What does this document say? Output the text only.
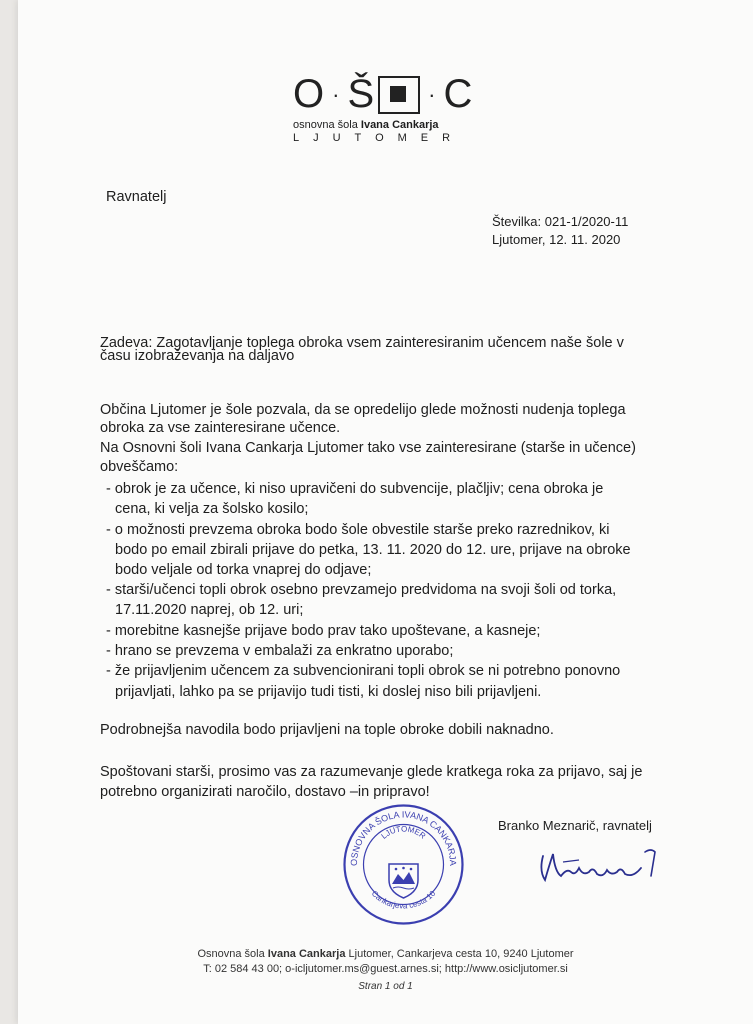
O · Š · C
osnovna šola Ivana Cankarja
LJUTOMER
Ravnatelj
Številka: 021-1/2020-11
Ljutomer, 12. 11. 2020
Zadeva: Zagotavljanje toplega obroka vsem zainteresiranim učencem naše šole v
času izobraževanja na daljavo
Občina Ljutomer je šole pozvala, da se opredelijo glede možnosti nudenja toplega
obroka za vse zainteresirane učence.
Na Osnovni šoli Ivana Cankarja Ljutomer tako vse zainteresirane (starše in učence)
obveščamo:
- obrok je za učence, ki niso upravičeni do subvencije, plačljiv; cena obroka je
cena, ki velja za šolsko kosilo;
- o možnosti prevzema obroka bodo šole obvestile starše preko razrednikov, ki
bodo po email zbirali prijave do petka, 13. 11. 2020 do 12. ure, prijave na obroke
bodo veljale od torka vnaprej do odjave;
- starši/učenci topli obrok osebno prevzamejo predvidoma na svoji šoli od torka,
17.11.2020 naprej, ob 12. uri;
- morebitne kasnejše prijave bodo prav tako upoštevane, a kasneje;
- hrano se prevzema v embalaži za enkratno uporabo;
- že prijavljenim učencem za subvencionirani topli obrok se ni potrebno ponovno
prijavljati, lahko pa se prijavijo tudi tisti, ki doslej niso bili prijavljeni.
Podrobnejša navodila bodo prijavljeni na tople obroke dobili naknadno.
Spoštovani starši, prosimo vas za razumevanje glede kratkega roka za prijavo, saj je
potrebno organizirati naročilo, dostavo –in pripravo!
Branko Meznarič, ravnatelj
OSNOVNA ŠOLA IVANA CANKARJA
LJUTOMER
Cankarjeva cesta 10
Osnovna šola Ivana Cankarja Ljutomer, Cankarjeva cesta 10, 9240 Ljutomer
T: 02 584 43 00; o-icljutomer.ms@guest.arnes.si; http://www.osicljutomer.si
Stran 1 od 1
